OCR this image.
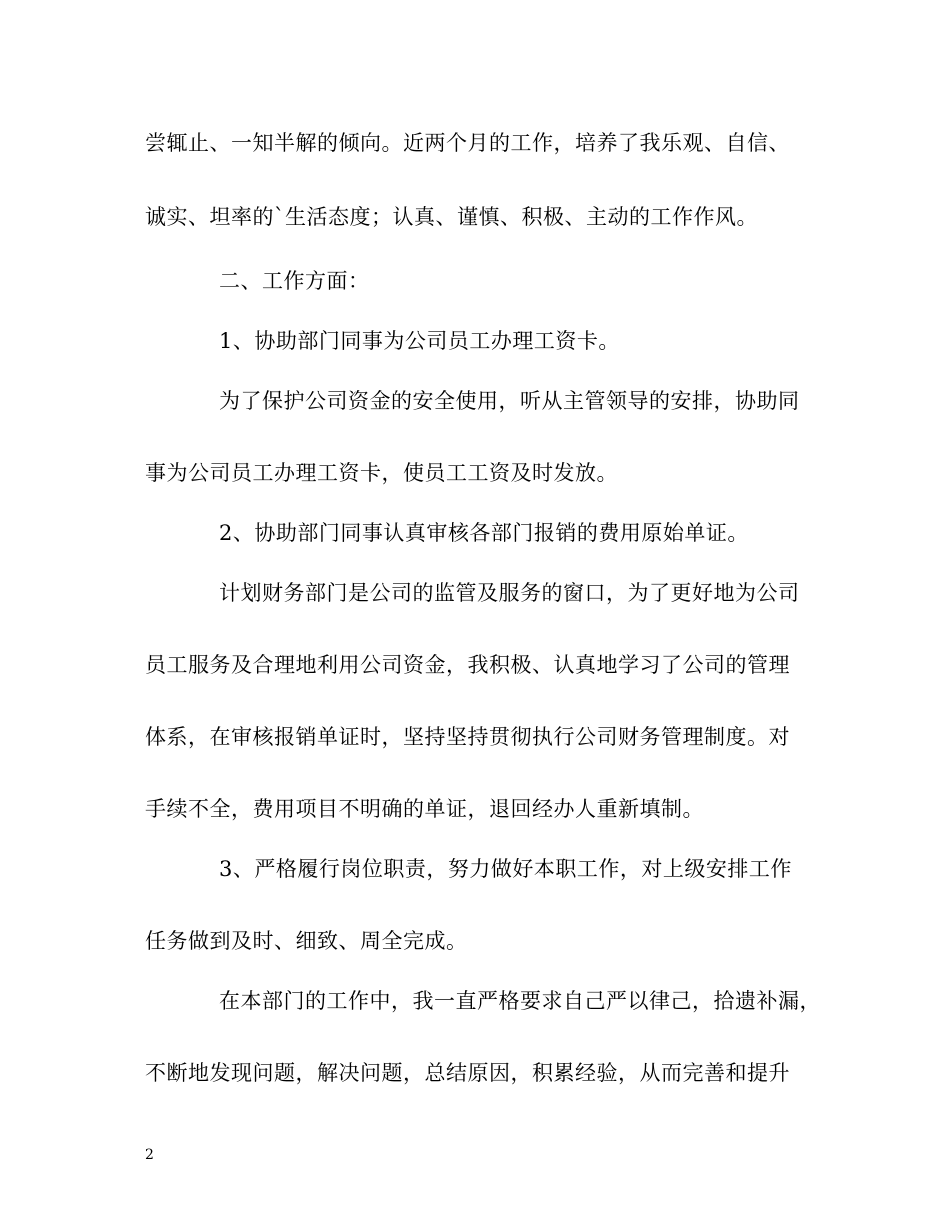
尝辄止、一知半解的倾向。近两个月的工作，培养了我乐观、自信、
诚实、坦率的`生活态度；认真、谨慎、积极、主动的工作作风。
二、工作方面：
1、协助部门同事为公司员工办理工资卡。
为了保护公司资金的安全使用，听从主管领导的安排，协助同
事为公司员工办理工资卡，使员工工资及时发放。
2、协助部门同事认真审核各部门报销的费用原始单证。
计划财务部门是公司的监管及服务的窗口，为了更好地为公司
员工服务及合理地利用公司资金，我积极、认真地学习了公司的管理
体系，在审核报销单证时，坚持坚持贯彻执行公司财务管理制度。对
手续不全，费用项目不明确的单证，退回经办人重新填制。
3、严格履行岗位职责，努力做好本职工作，对上级安排工作
任务做到及时、细致、周全完成。
在本部门的工作中，我一直严格要求自己严以律己，拾遗补漏，
不断地发现问题，解决问题，总结原因，积累经验，从而完善和提升
2
